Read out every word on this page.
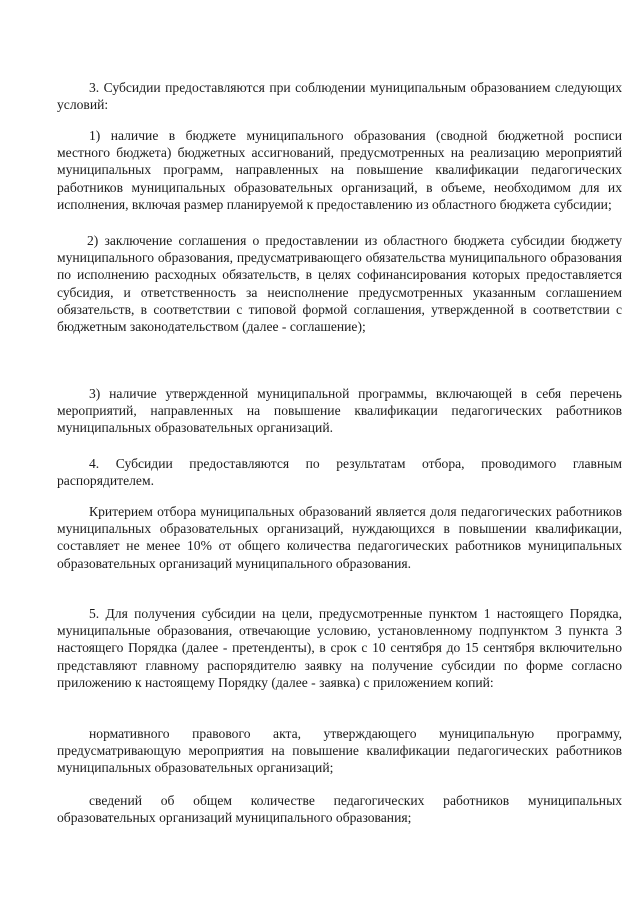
3. Субсидии предоставляются при соблюдении муниципальным образованием следующих условий:

1) наличие в бюджете муниципального образования (сводной бюджетной росписи местного бюджета) бюджетных ассигнований, предусмотренных на реализацию мероприятий муниципальных программ, направленных на повышение квалификации педагогических работников муниципальных образовательных организаций, в объеме, необходимом для их исполнения, включая размер планируемой к предоставлению из областного бюджета субсидии;

2) заключение соглашения о предоставлении из областного бюджета субсидии бюджету муниципального образования, предусматривающего обязательства муниципального образования по исполнению расходных обязательств, в целях софинансирования которых предоставляется субсидия, и ответственность за неисполнение предусмотренных указанным соглашением обязательств, в соответствии с типовой формой соглашения, утвержденной в соответствии с бюджетным законодательством (далее - соглашение);

3) наличие утвержденной муниципальной программы, включающей в себя перечень мероприятий, направленных на повышение квалификации педагогических работников муниципальных образовательных организаций.

4. Субсидии предоставляются по результатам отбора, проводимого главным распорядителем.

Критерием отбора муниципальных образований является доля педагогических работников муниципальных образовательных организаций, нуждающихся в повышении квалификации, составляет не менее 10% от общего количества педагогических работников муниципальных образовательных организаций муниципального образования.

5. Для получения субсидии на цели, предусмотренные пунктом 1 настоящего Порядка, муниципальные образования, отвечающие условию, установленному подпунктом 3 пункта 3 настоящего Порядка (далее - претенденты), в срок с 10 сентября до 15 сентября включительно представляют главному распорядителю заявку на получение субсидии по форме согласно приложению к настоящему Порядку (далее - заявка) с приложением копий:

нормативного правового акта, утверждающего муниципальную программу, предусматривающую мероприятия на повышение квалификации педагогических работников муниципальных образовательных организаций;

сведений об общем количестве педагогических работников муниципальных образовательных организаций муниципального образования;
